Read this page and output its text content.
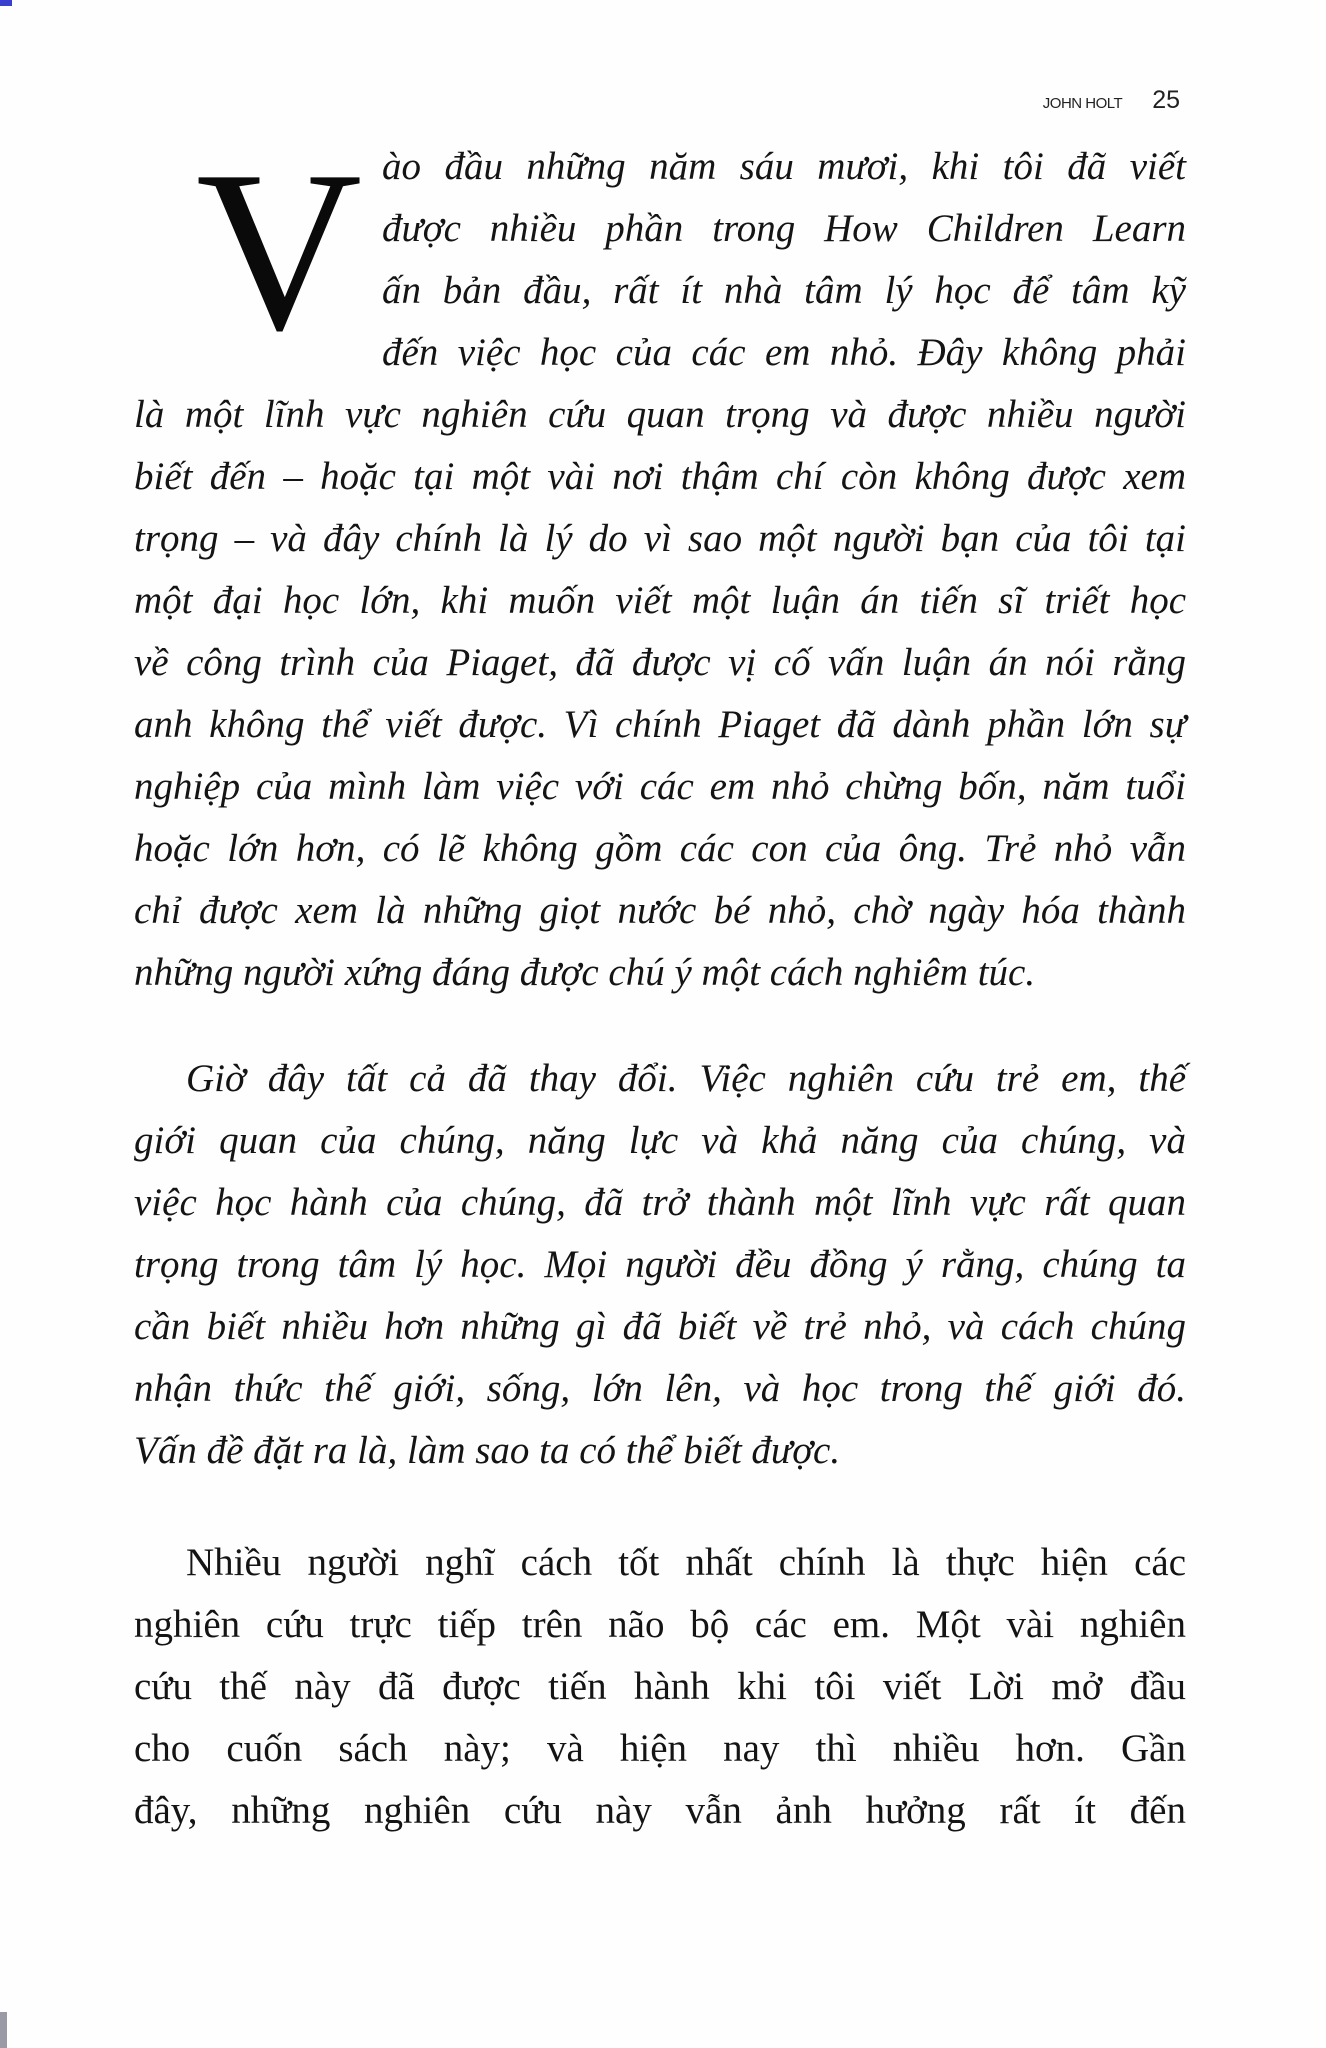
JOHN HOLT 25
V ào đầu những năm sáu mươi, khi tôi đã viết
được nhiều phần trong How Children Learn
ấn bản đầu, rất ít nhà tâm lý học để tâm kỹ
đến việc học của các em nhỏ. Đây không phải
là một lĩnh vực nghiên cứu quan trọng và được nhiều người
biết đến – hoặc tại một vài nơi thậm chí còn không được xem
trọng – và đây chính là lý do vì sao một người bạn của tôi tại
một đại học lớn, khi muốn viết một luận án tiến sĩ triết học
về công trình của Piaget, đã được vị cố vấn luận án nói rằng
anh không thể viết được. Vì chính Piaget đã dành phần lớn sự
nghiệp của mình làm việc với các em nhỏ chừng bốn, năm tuổi
hoặc lớn hơn, có lẽ không gồm các con của ông. Trẻ nhỏ vẫn
chỉ được xem là những giọt nước bé nhỏ, chờ ngày hóa thành
những người xứng đáng được chú ý một cách nghiêm túc.
Giờ đây tất cả đã thay đổi. Việc nghiên cứu trẻ em, thế
giới quan của chúng, năng lực và khả năng của chúng, và
việc học hành của chúng, đã trở thành một lĩnh vực rất quan
trọng trong tâm lý học. Mọi người đều đồng ý rằng, chúng ta
cần biết nhiều hơn những gì đã biết về trẻ nhỏ, và cách chúng
nhận thức thế giới, sống, lớn lên, và học trong thế giới đó.
Vấn đề đặt ra là, làm sao ta có thể biết được.
Nhiều người nghĩ cách tốt nhất chính là thực hiện các
nghiên cứu trực tiếp trên não bộ các em. Một vài nghiên
cứu thế này đã được tiến hành khi tôi viết Lời mở đầu
cho cuốn sách này; và hiện nay thì nhiều hơn. Gần
đây, những nghiên cứu này vẫn ảnh hưởng rất ít đến
